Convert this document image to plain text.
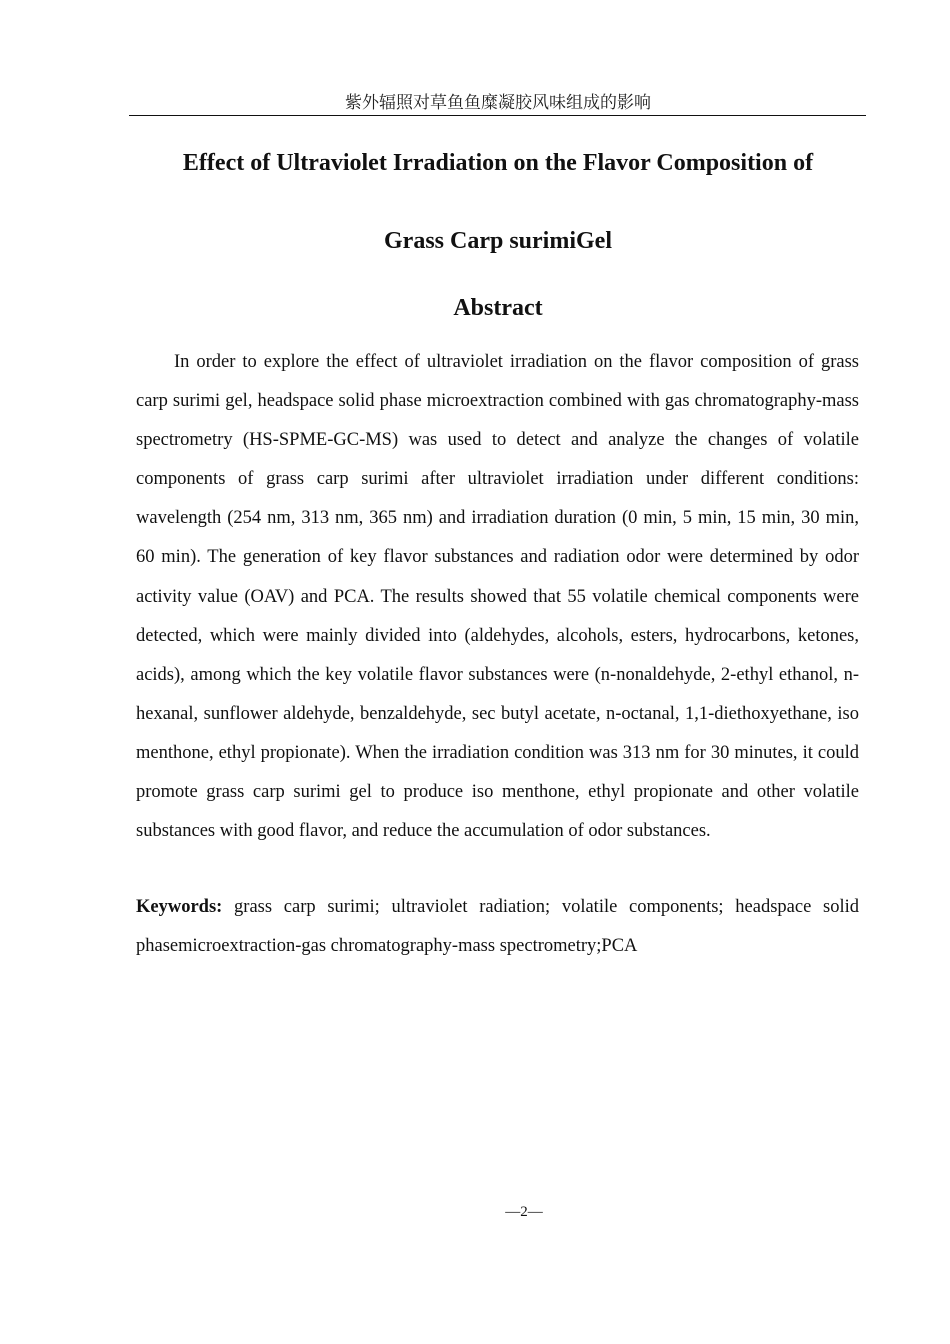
紫外辐照对草鱼鱼糜凝胶风味组成的影响
Effect of Ultraviolet Irradiation on the Flavor Composition of
Grass Carp surimiGel
Abstract

In order to explore the effect of ultraviolet irradiation on the flavor composition of grass carp surimi gel, headspace solid phase microextraction combined with gas chromatography-mass spectrometry (HS-SPME-GC-MS) was used to detect and analyze the changes of volatile components of grass carp surimi after ultraviolet irradiation under different conditions: wavelength (254 nm, 313 nm, 365 nm) and irradiation duration (0 min, 5 min, 15 min, 30 min, 60 min). The generation of key flavor substances and radiation odor were determined by odor activity value (OAV) and PCA. The results showed that 55 volatile chemical components were detected, which were mainly divided into (aldehydes, alcohols, esters, hydrocarbons, ketones, acids), among which the key volatile flavor substances were (n-nonaldehyde, 2-ethyl ethanol, n-hexanal, sunflower aldehyde, benzaldehyde, sec butyl acetate, n-octanal, 1,1-diethoxyethane, iso menthone, ethyl propionate). When the irradiation condition was 313 nm for 30 minutes, it could promote grass carp surimi gel to produce iso menthone, ethyl propionate and other volatile substances with good flavor, and reduce the accumulation of odor substances.

Keywords: grass carp surimi; ultraviolet radiation; volatile components; headspace solid phasemicroextraction-gas chromatography-mass spectrometry;PCA

—2—
